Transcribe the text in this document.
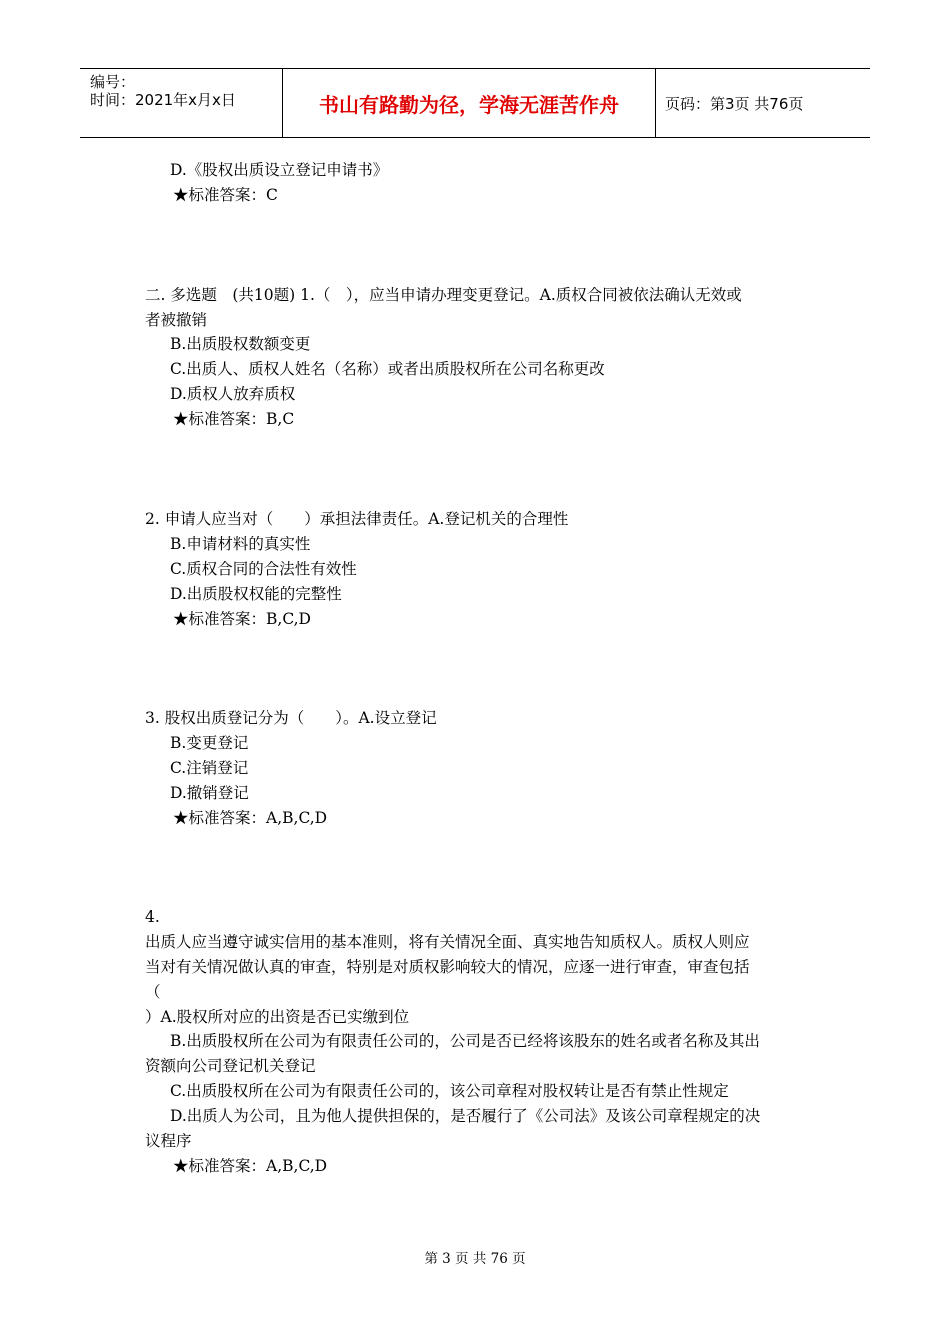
编号：
时间：2021年x月x日	书山有路勤为径，学海无涯苦作舟	页码：第3页 共76页
D.《股权出质设立登记申请书》
★标准答案：C
二. 多选题　(共10题) 1.（　），应当申请办理变更登记。A.质权合同被依法确认无效或
者被撤销
B.出质股权数额变更
C.出质人、质权人姓名（名称）或者出质股权所在公司名称更改
D.质权人放弃质权
★标准答案：B,C
2. 申请人应当对（　　）承担法律责任。A.登记机关的合理性
B.申请材料的真实性
C.质权合同的合法性有效性
D.出质股权权能的完整性
★标准答案：B,C,D
3. 股权出质登记分为（　　）。A.设立登记
B.变更登记
C.注销登记
D.撤销登记
★标准答案：A,B,C,D
4.
出质人应当遵守诚实信用的基本准则，将有关情况全面、真实地告知质权人。质权人则应
当对有关情况做认真的审查，特别是对质权影响较大的情况，应逐一进行审查，审查包括
（
）A.股权所对应的出资是否已实缴到位
B.出质股权所在公司为有限责任公司的，公司是否已经将该股东的姓名或者名称及其出
资额向公司登记机关登记
C.出质股权所在公司为有限责任公司的，该公司章程对股权转让是否有禁止性规定
D.出质人为公司，且为他人提供担保的，是否履行了《公司法》及该公司章程规定的决
议程序
★标准答案：A,B,C,D
第 3 页 共 76 页
